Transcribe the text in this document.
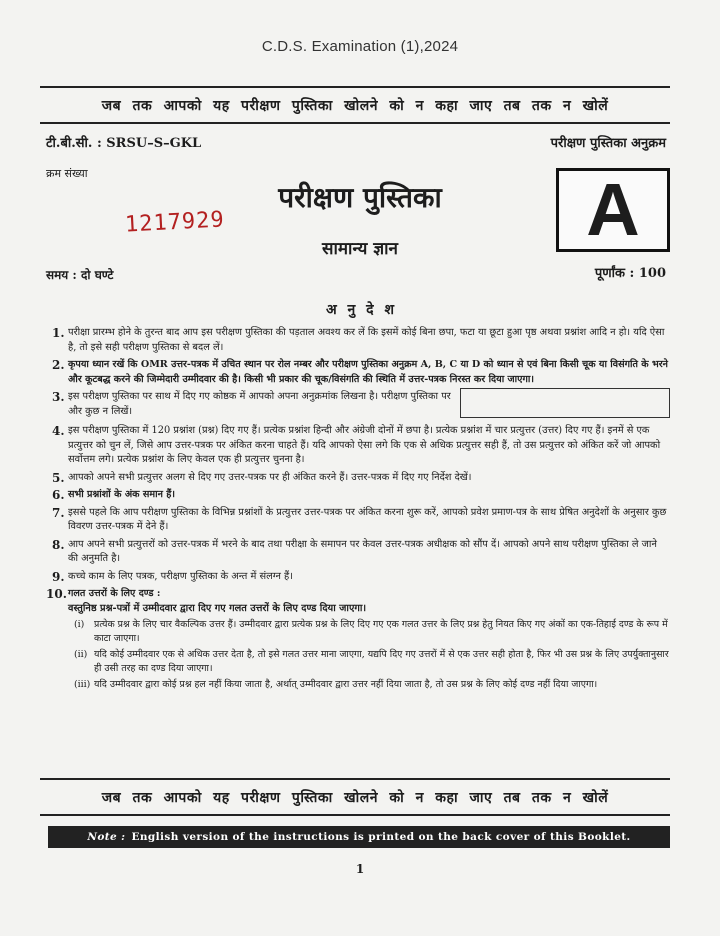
C.D.S. Examination (1),2024
जब तक आपको यह परीक्षण पुस्तिका खोलने को न कहा जाए तब तक न खोलें
टी.बी.सी. : SRSU–S–GKL	परीक्षण पुस्तिका अनुक्रम
क्रम संख्या
1217929
परीक्षण पुस्तिका
सामान्य ज्ञान	A
समय : दो घण्टे	पूर्णांक : 100
अ नु दे श
1. परीक्षा प्रारम्भ होने के तुरन्त बाद आप इस परीक्षण पुस्तिका की पड़ताल अवश्य कर लें कि इसमें कोई बिना छपा, फटा या छूटा हुआ पृष्ठ अथवा प्रश्नांश आदि न हो। यदि ऐसा है, तो इसे सही परीक्षण पुस्तिका से बदल लें।
2. कृपया ध्यान रखें कि OMR उत्तर-पत्रक में उचित स्थान पर रोल नम्बर और परीक्षण पुस्तिका अनुक्रम A, B, C या D को ध्यान से एवं बिना किसी चूक या विसंगति के भरने और कूटबद्ध करने की जिम्मेदारी उम्मीदवार की है। किसी भी प्रकार की चूक/विसंगति की स्थिति में उत्तर-पत्रक निरस्त कर दिया जाएगा।
3. इस परीक्षण पुस्तिका पर साथ में दिए गए कोष्ठक में आपको अपना अनुक्रमांक लिखना है। परीक्षण पुस्तिका पर और कुछ न लिखें।
4. इस परीक्षण पुस्तिका में 120 प्रश्नांश (प्रश्न) दिए गए हैं। प्रत्येक प्रश्नांश हिन्दी और अंग्रेजी दोनों में छपा है। प्रत्येक प्रश्नांश में चार प्रत्युत्तर (उत्तर) दिए गए हैं। इनमें से एक प्रत्युत्तर को चुन लें, जिसे आप उत्तर-पत्रक पर अंकित करना चाहते हैं। यदि आपको ऐसा लगे कि एक से अधिक प्रत्युत्तर सही हैं, तो उस प्रत्युत्तर को अंकित करें जो आपको सर्वोत्तम लगे। प्रत्येक प्रश्नांश के लिए केवल एक ही प्रत्युत्तर चुनना है।
5. आपको अपने सभी प्रत्युत्तर अलग से दिए गए उत्तर-पत्रक पर ही अंकित करने हैं। उत्तर-पत्रक में दिए गए निर्देश देखें।
6. सभी प्रश्नांशों के अंक समान हैं।
7. इससे पहले कि आप परीक्षण पुस्तिका के विभिन्न प्रश्नांशों के प्रत्युत्तर उत्तर-पत्रक पर अंकित करना शुरू करें, आपको प्रवेश प्रमाण-पत्र के साथ प्रेषित अनुदेशों के अनुसार कुछ विवरण उत्तर-पत्रक में देने हैं।
8. आप अपने सभी प्रत्युत्तरों को उत्तर-पत्रक में भरने के बाद तथा परीक्षा के समापन पर केवल उत्तर-पत्रक अधीक्षक को सौंप दें। आपको अपने साथ परीक्षण पुस्तिका ले जाने की अनुमति है।
9. कच्चे काम के लिए पत्रक, परीक्षण पुस्तिका के अन्त में संलग्न हैं।
10. गलत उत्तरों के लिए दण्ड :
वस्तुनिष्ठ प्रश्न-पत्रों में उम्मीदवार द्वारा दिए गए गलत उत्तरों के लिए दण्ड दिया जाएगा।
(i) प्रत्येक प्रश्न के लिए चार वैकल्पिक उत्तर हैं। उम्मीदवार द्वारा प्रत्येक प्रश्न के लिए दिए गए एक गलत उत्तर के लिए प्रश्न हेतु नियत किए गए अंकों का एक-तिहाई दण्ड के रूप में काटा जाएगा।
(ii) यदि कोई उम्मीदवार एक से अधिक उत्तर देता है, तो इसे गलत उत्तर माना जाएगा, यद्यपि दिए गए उत्तरों में से एक उत्तर सही होता है, फिर भी उस प्रश्न के लिए उपर्युक्तानुसार ही उसी तरह का दण्ड दिया जाएगा।
(iii) यदि उम्मीदवार द्वारा कोई प्रश्न हल नहीं किया जाता है, अर्थात् उम्मीदवार द्वारा उत्तर नहीं दिया जाता है, तो उस प्रश्न के लिए कोई दण्ड नहीं दिया जाएगा।
जब तक आपको यह परीक्षण पुस्तिका खोलने को न कहा जाए तब तक न खोलें
Note : English version of the instructions is printed on the back cover of this Booklet.
1
